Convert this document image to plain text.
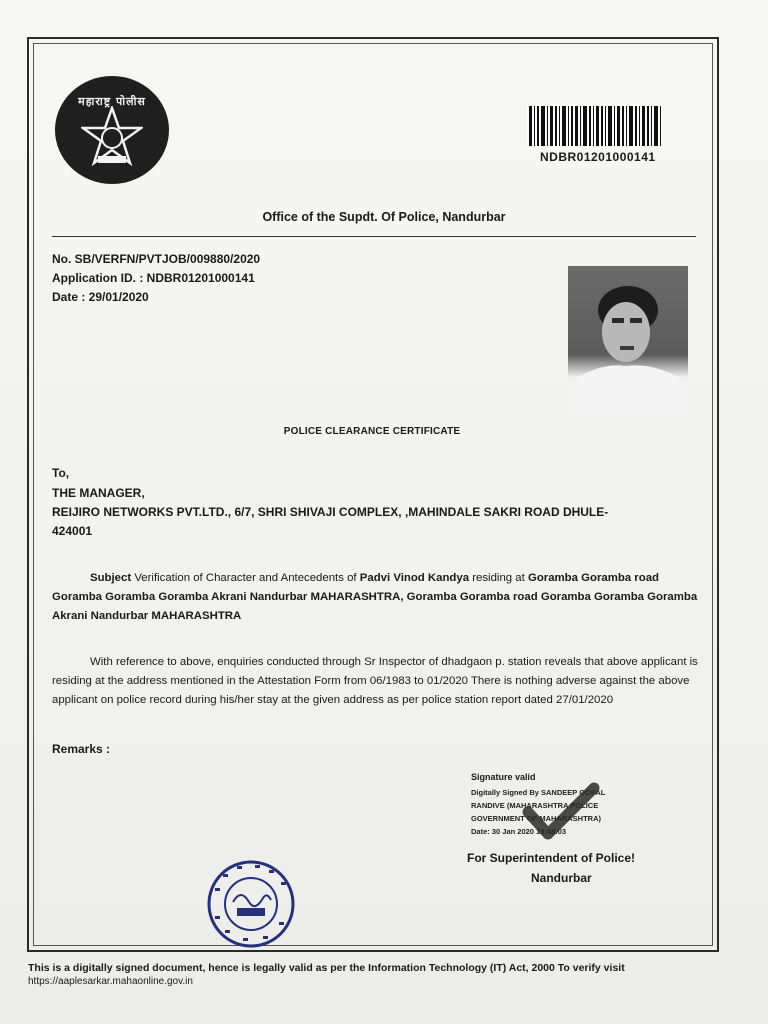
महाराष्ट्र पोलीस
NDBR01201000141
Office of the Supdt. Of Police, Nandurbar
No. SB/VERFN/PVTJOB/009880/2020
Application ID. : NDBR01201000141
Date : 29/01/2020
POLICE CLEARANCE CERTIFICATE
To,
THE MANAGER,
REIJIRO NETWORKS PVT.LTD., 6/7, SHRI SHIVAJI COMPLEX, ,MAHINDALE SAKRI ROAD DHULE-
424001
Subject Verification of Character and Antecedents of Padvi Vinod Kandya residing at Goramba Goramba road Goramba Goramba Goramba Akrani Nandurbar MAHARASHTRA, Goramba Goramba road Goramba Goramba Goramba Akrani Nandurbar MAHARASHTRA
With reference to above, enquiries conducted through Sr Inspector of dhadgaon p. station reveals that above applicant is residing at the address mentioned in the Attestation Form from 06/1983 to 01/2020 There is nothing adverse against the above applicant on police record during his/her stay at the given address as per police station report dated 27/01/2020
Remarks :
Signature valid
Digitally Signed By SANDEEP GOPAL
RANDIVE (MAHARASHTRA POLICE
GOVERNMENT OF MAHARASHTRA)
Date: 30 Jan 2020 18:48:03
For Superintendent of Police!
Nandurbar
This is a digitally signed document, hence is legally valid as per the Information Technology (IT) Act, 2000 To verify visit
https://aaplesarkar.mahaonline.gov.in
